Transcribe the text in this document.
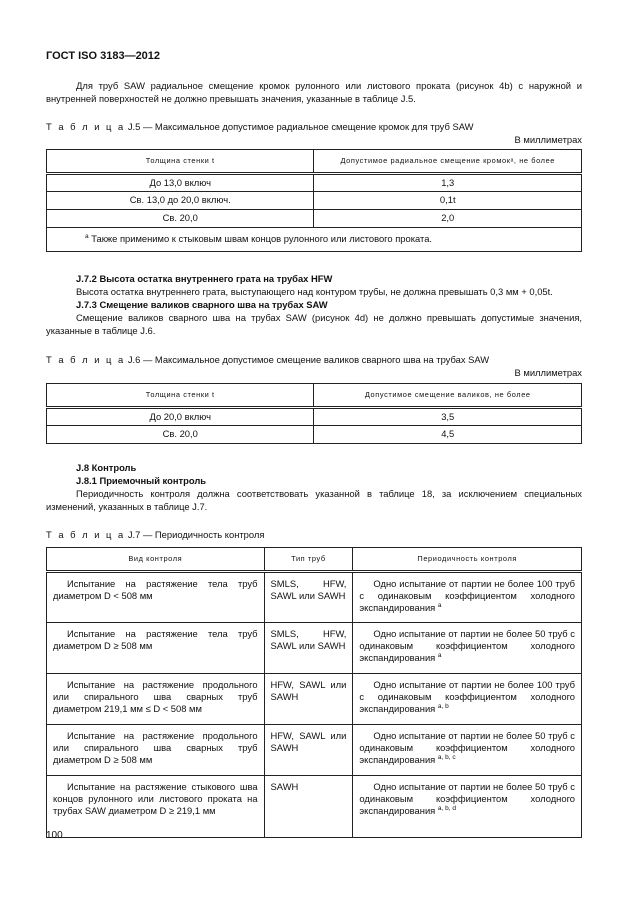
ГОСТ ISO 3183—2012
Для труб SAW радиальное смещение кромок рулонного или листового проката (рисунок 4b) с наружной и внутренней поверхностей не должно превышать значения, указанные в таблице J.5.
Т а б л и ц а J.5 — Максимальное допустимое радиальное смещение кромок для труб SAW
В миллиметрах
Толщина стенки t	Допустимое радиальное смещение кромокᵃ, не более
До 13,0 включ	1,3
Св. 13,0 до 20,0 включ.	0,1t
Св. 20,0	2,0
$^a$ Также применимо к стыковым швам концов рулонного или листового проката.	
J.7.2 Высота остатка внутреннего грата на трубах HFW
Высота остатка внутреннего грата, выступающего над контуром трубы, не должна превышать 0,3 мм + 0,05t.
J.7.3 Смещение валиков сварного шва на трубах SAW
Смещение валиков сварного шва на трубах SAW (рисунок 4d) не должно превышать допустимые значения, указанные в таблице J.6.
Т а б л и ц а J.6 — Максимальное допустимое смещение валиков сварного шва на трубах SAW
В миллиметрах
Толщина стенки t	Допустимое смещение валиков, не более
До 20,0 включ	3,5
Св. 20,0	4,5
J.8 Контроль
J.8.1 Приемочный контроль
Периодичность контроля должна соответствовать указанной в таблице 18, за исключением специальных изменений, указанных в таблице J.7.
Т а б л и ц а J.7 — Периодичность контроля
Вид контроля	Тип труб	Периодичность контроля
Испытание на растяжение тела труб диаметром D < 508 мм	SMLS, HFW, SAWL или SAWH	Одно испытание от партии не более 100 труб с одинаковым коэффициентом холодного экспандирования $^a$
Испытание на растяжение тела труб диаметром D ≥ 508 мм	SMLS, HFW, SAWL или SAWH	Одно испытание от партии не более 50 труб с одинаковым коэффициентом холодного экспандирования $^a$
Испытание на растяжение продольного или спирального шва сварных труб диаметром 219,1 мм ≤ D < 508 мм	HFW, SAWL или SAWH	Одно испытание от партии не более 100 труб с одинаковым коэффициентом холодного экспандирования $^{a, b}$
Испытание на растяжение продольного или спирального шва сварных труб диаметром D ≥ 508 мм	HFW, SAWL или SAWH	Одно испытание от партии не более 50 труб с одинаковым коэффициентом холодного экспандирования $^{a, b, c}$
Испытание на растяжение стыкового шва концов рулонного или листового проката на трубах SAW диаметром D ≥ 219,1 мм	SAWH	Одно испытание от партии не более 50 труб с одинаковым коэффициентом холодного экспандирования $^{a, b, d}$
100
